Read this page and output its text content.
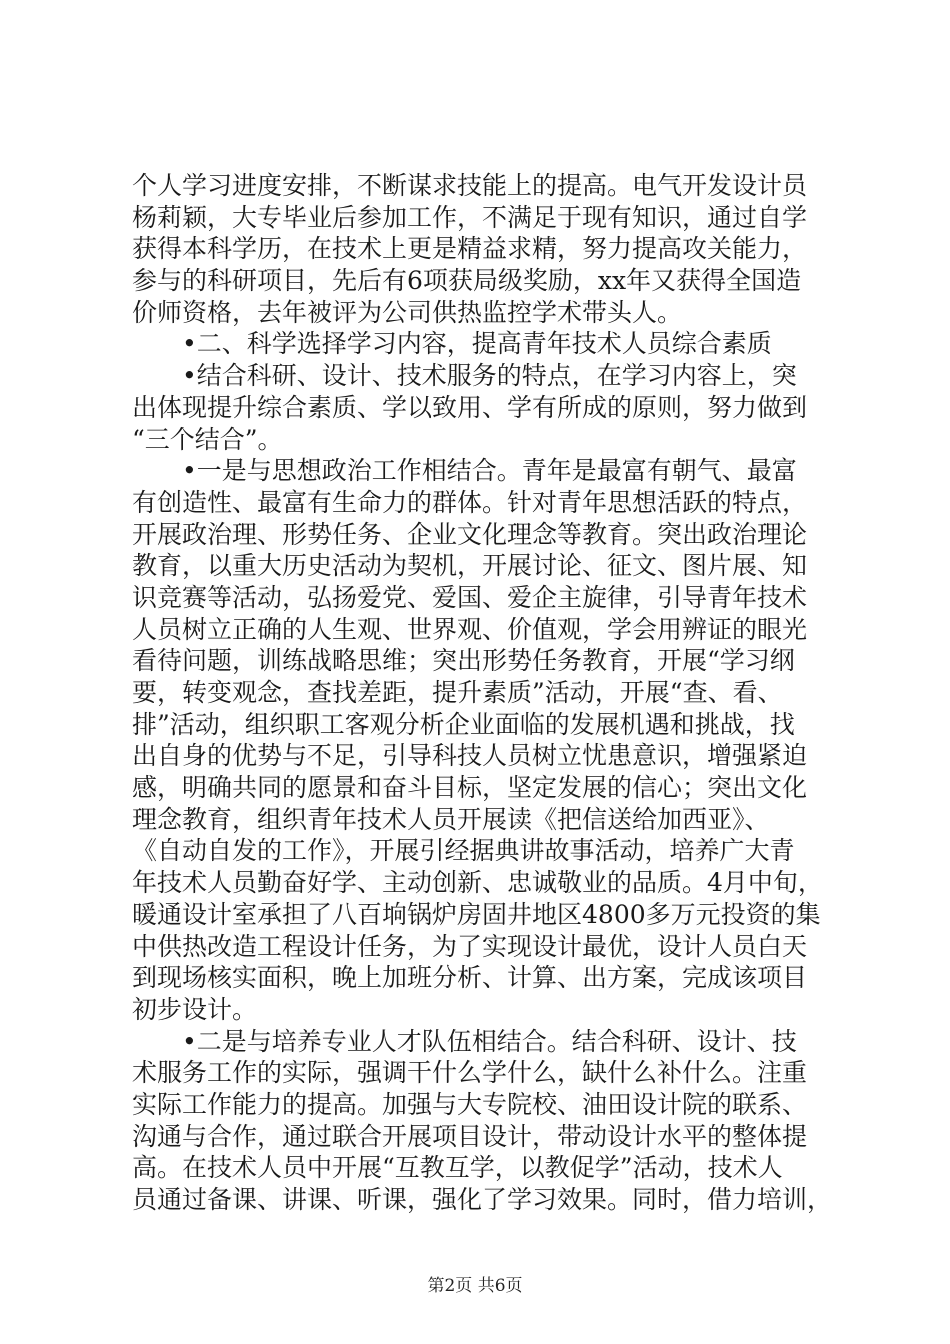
个人学习进度安排，不断谋求技能上的提高。电气开发设计员
杨莉颖，大专毕业后参加工作，不满足于现有知识，通过自学
获得本科学历，在技术上更是精益求精，努力提高攻关能力，
参与的科研项目，先后有6项获局级奖励，xx年又获得全国造
价师资格，去年被评为公司供热监控学术带头人。
•二、科学选择学习内容，提高青年技术人员综合素质
•结合科研、设计、技术服务的特点，在学习内容上，突
出体现提升综合素质、学以致用、学有所成的原则，努力做到
“三个结合”。
•一是与思想政治工作相结合。青年是最富有朝气、最富
有创造性、最富有生命力的群体。针对青年思想活跃的特点，
开展政治理、形势任务、企业文化理念等教育。突出政治理论
教育，以重大历史活动为契机，开展讨论、征文、图片展、知
识竞赛等活动，弘扬爱党、爱国、爱企主旋律，引导青年技术
人员树立正确的人生观、世界观、价值观，学会用辨证的眼光
看待问题，训练战略思维；突出形势任务教育，开展“学习纲
要，转变观念，查找差距，提升素质”活动，开展“查、看、
排”活动，组织职工客观分析企业面临的发展机遇和挑战，找
出自身的优势与不足，引导科技人员树立忧患意识，增强紧迫
感，明确共同的愿景和奋斗目标，坚定发展的信心；突出文化
理念教育，组织青年技术人员开展读《把信送给加西亚》、
《自动自发的工作》，开展引经据典讲故事活动，培养广大青
年技术人员勤奋好学、主动创新、忠诚敬业的品质。4月中旬，
暖通设计室承担了八百垧锅炉房固井地区4800多万元投资的集
中供热改造工程设计任务，为了实现设计最优，设计人员白天
到现场核实面积，晚上加班分析、计算、出方案，完成该项目
初步设计。
•二是与培养专业人才队伍相结合。结合科研、设计、技
术服务工作的实际，强调干什么学什么，缺什么补什么。注重
实际工作能力的提高。加强与大专院校、油田设计院的联系、
沟通与合作，通过联合开展项目设计，带动设计水平的整体提
高。在技术人员中开展“互教互学，以教促学”活动，技术人
员通过备课、讲课、听课，强化了学习效果。同时，借力培训，
第2页 共6页
